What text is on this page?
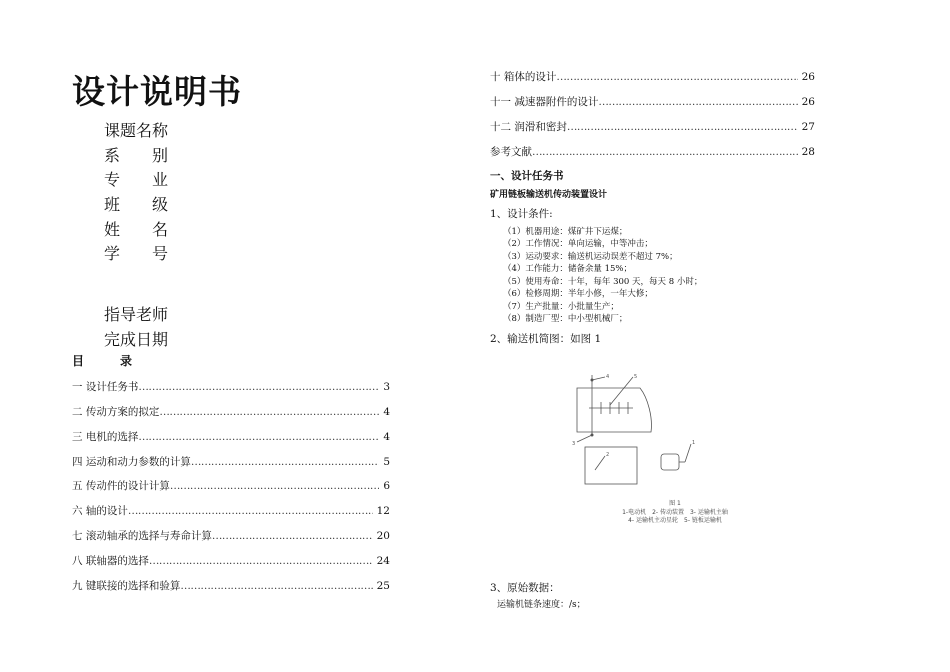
设计说明书
课题名称
系　　别
专　　业
班　　级
姓　　名
学　　号
指导老师
完成日期
目　　　录
一 设计任务书 ……………………………………………………………………………………………………………………………………………………………………	3
二 传动方案的拟定 ……………………………………………………………………………………………………………………………………………………………………	4
三 电机的选择 ……………………………………………………………………………………………………………………………………………………………………	4
四 运动和动力参数的计算 ……………………………………………………………………………………………………………………………………………………………………	5
五 传动件的设计计算 ……………………………………………………………………………………………………………………………………………………………………	6
六 轴的设计 ……………………………………………………………………………………………………………………………………………………………………	12
七 滚动轴承的选择与寿命计算 ……………………………………………………………………………………………………………………………………………………………………	20
八 联轴器的选择 ……………………………………………………………………………………………………………………………………………………………………	24
九 键联接的选择和验算 ……………………………………………………………………………………………………………………………………………………………………	25
十 箱体的设计 ……………………………………………………………………………………………………………………………………………………………………	26
十一 减速器附件的设计 ……………………………………………………………………………………………………………………………………………………………………	26
十二 润滑和密封 ……………………………………………………………………………………………………………………………………………………………………	27
参考文献 ……………………………………………………………………………………………………………………………………………………………………	28
一、设计任务书
矿用链板输送机传动装置设计
1、设计条件:
（1）机器用途：煤矿井下运煤；
（2）工作情况：单向运输，中等冲击；
（3）运动要求：输送机运动误差不超过 7%；
（4）工作能力：储备余量 15%；
（5）使用寿命：十年，每年 300 天，每天 8 小时；
（6）检修周期：半年小修，一年大修；
（7）生产批量：小批量生产；
（8）制造厂型：中小型机械厂；
2、输送机简图：如图 1
4	5
3
2
1
图 1
1-电动机　2- 传动装置　3- 运输机主轴
4- 运输机主动星轮　5- 链板运输机
3、原始数据：
运输机链条速度：/s；
